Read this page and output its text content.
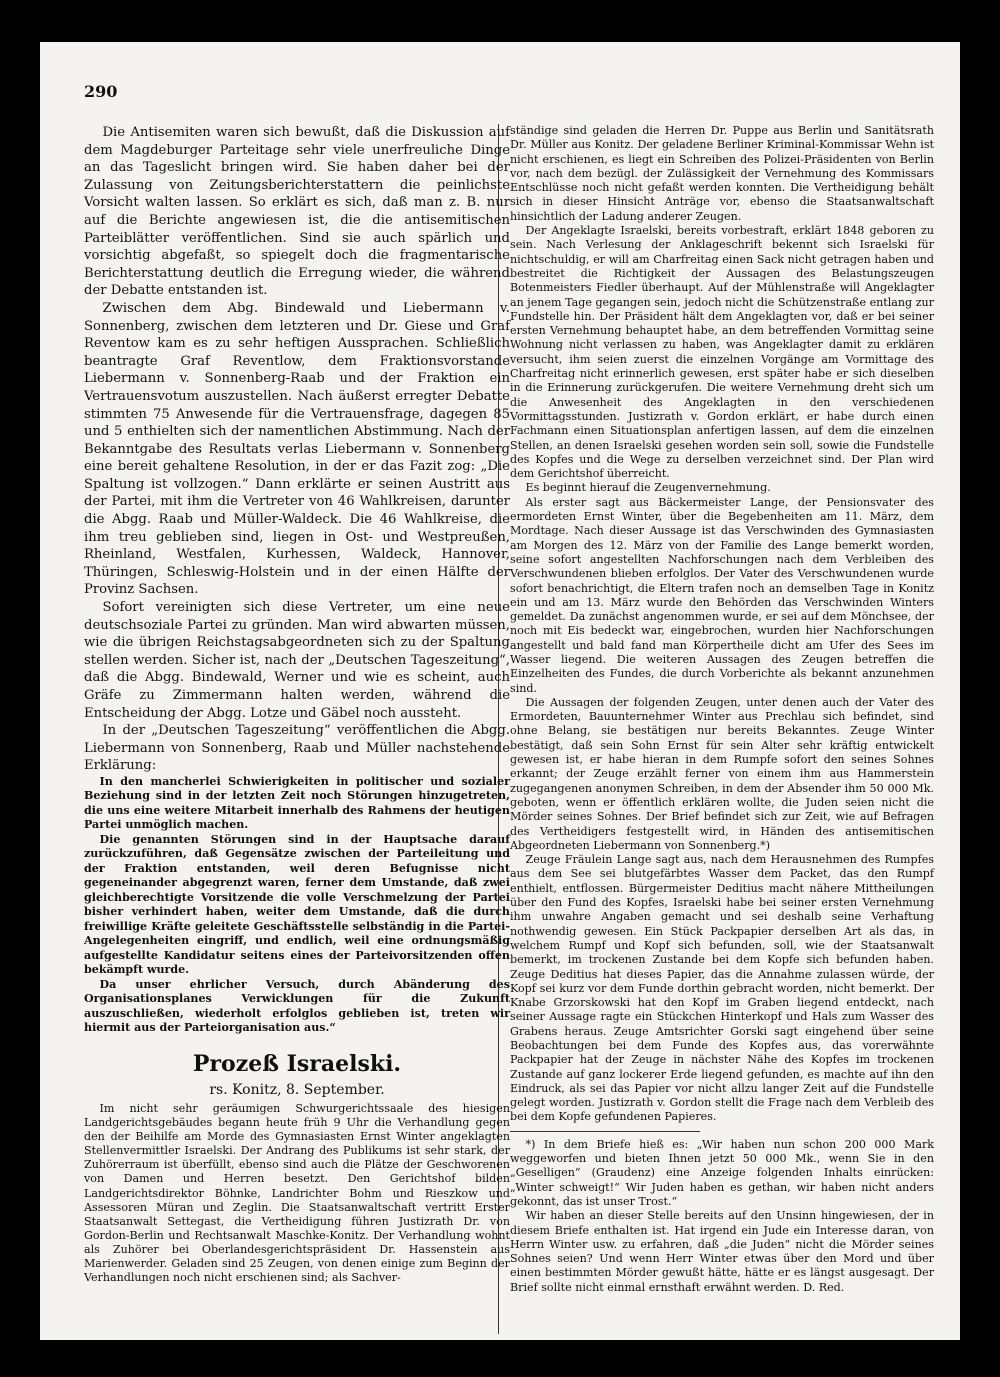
290

Die Antisemiten waren sich bewußt, daß die Diskussion auf dem Magdeburger Parteitage sehr viele unerfreuliche Dinge an das Tageslicht bringen wird. Sie haben daher bei der Zulassung von Zeitungsberichterstattern die peinlichste Vorsicht walten lassen. So erklärt es sich, daß man z. B. nur auf die Berichte angewiesen ist, die die antisemitischen Parteiblätter veröffentlichen. Sind sie auch spärlich und vorsichtig abgefaßt, so spiegelt doch die fragmentarische Berichterstattung deutlich die Erregung wieder, die während der Debatte entstanden ist.

Zwischen dem Abg. Bindewald und Liebermann v. Sonnenberg, zwischen dem letzteren und Dr. Giese und Graf Reventow kam es zu sehr heftigen Aussprachen. Schließlich beantragte Graf Reventlow, dem Fraktionsvorstande Liebermann v. Sonnenberg-Raab und der Fraktion ein Vertrauensvotum auszustellen. Nach äußerst erregter Debatte stimmten 75 Anwesende für die Vertrauensfrage, dagegen 85 und 5 enthielten sich der namentlichen Abstimmung. Nach der Bekanntgabe des Resultats verlas Liebermann v. Sonnenberg eine bereit gehaltene Resolution, in der er das Fazit zog: „Die Spaltung ist vollzogen.“ Dann erklärte er seinen Austritt aus der Partei, mit ihm die Vertreter von 46 Wahlkreisen, darunter die Abgg. Raab und Müller-Waldeck. Die 46 Wahlkreise, die ihm treu geblieben sind, liegen in Ost- und Westpreußen, Rheinland, Westfalen, Kurhessen, Waldeck, Hannover, Thüringen, Schleswig-Holstein und in der einen Hälfte der Provinz Sachsen.

Sofort vereinigten sich diese Vertreter, um eine neue deutschsoziale Partei zu gründen. Man wird abwarten müssen, wie die übrigen Reichstagsabgeordneten sich zu der Spaltung stellen werden. Sicher ist, nach der „Deutschen Tageszeitung“, daß die Abgg. Bindewald, Werner und wie es scheint, auch Gräfe zu Zimmermann halten werden, während die Entscheidung der Abgg. Lotze und Gäbel noch aussteht.

In der „Deutschen Tageszeitung“ veröffentlichen die Abgg. Liebermann von Sonnenberg, Raab und Müller nachstehende Erklärung:

In den mancherlei Schwierigkeiten in politischer und sozialer Beziehung sind in der letzten Zeit noch Störungen hinzugetreten, die uns eine weitere Mitarbeit innerhalb des Rahmens der heutigen Partei unmöglich machen.

Die genannten Störungen sind in der Hauptsache darauf zurückzuführen, daß Gegensätze zwischen der Parteileitung und der Fraktion entstanden, weil deren Befugnisse nicht gegeneinander abgegrenzt waren, ferner dem Umstande, daß zwei gleichberechtigte Vorsitzende die volle Verschmelzung der Partei bisher verhindert haben, weiter dem Umstande, daß die durch freiwillige Kräfte geleitete Geschäftsstelle selbständig in die Partei-Angelegenheiten eingriff, und endlich, weil eine ordnungsmäßig aufgestellte Kandidatur seitens eines der Parteivorsitzenden offen bekämpft wurde.

Da unser ehrlicher Versuch, durch Abänderung des Organisationsplanes Verwicklungen für die Zukunft auszuschließen, wiederholt erfolglos geblieben ist, treten wir hiermit aus der Parteiorganisation aus.“

Prozeß Israelski.
rs. Konitz, 8. September.

Im nicht sehr geräumigen Schwurgerichtssaale des hiesigen Landgerichtsgebäudes begann heute früh 9 Uhr die Verhandlung gegen den der Beihilfe am Morde des Gymnasiasten Ernst Winter angeklagten Stellenvermittler Israelski. Der Andrang des Publikums ist sehr stark, der Zuhörerraum ist überfüllt, ebenso sind auch die Plätze der Geschworenen von Damen und Herren besetzt. Den Gerichtshof bilden Landgerichtsdirektor Böhnke, Landrichter Bohm und Rieszkow und Assessoren Müran und Zeglin. Die Staatsanwaltschaft vertritt Erster Staatsanwalt Settegast, die Vertheidigung führen Justizrath Dr. von Gordon-Berlin und Rechtsanwalt Maschke-Konitz. Der Verhandlung wohnt als Zuhörer bei Oberlandesgerichtspräsident Dr. Hassenstein aus Marienwerder. Geladen sind 25 Zeugen, von denen einige zum Beginn der Verhandlungen noch nicht erschienen sind; als Sachver-

ständige sind geladen die Herren Dr. Puppe aus Berlin und Sanitätsrath Dr. Müller aus Konitz. Der geladene Berliner Kriminal-Kommissar Wehn ist nicht erschienen, es liegt ein Schreiben des Polizei-Präsidenten von Berlin vor, nach dem bezügl. der Zulässigkeit der Vernehmung des Kommissars Entschlüsse noch nicht gefaßt werden konnten. Die Vertheidigung behält sich in dieser Hinsicht Anträge vor, ebenso die Staatsanwaltschaft hinsichtlich der Ladung anderer Zeugen.

Der Angeklagte Israelski, bereits vorbestraft, erklärt 1848 geboren zu sein. Nach Verlesung der Anklageschrift bekennt sich Israelski für nichtschuldig, er will am Charfreitag einen Sack nicht getragen haben und bestreitet die Richtigkeit der Aussagen des Belastungszeugen Botenmeisters Fiedler überhaupt. Auf der Mühlenstraße will Angeklagter an jenem Tage gegangen sein, jedoch nicht die Schützenstraße entlang zur Fundstelle hin. Der Präsident hält dem Angeklagten vor, daß er bei seiner ersten Vernehmung behauptet habe, an dem betreffenden Vormittag seine Wohnung nicht verlassen zu haben, was Angeklagter damit zu erklären versucht, ihm seien zuerst die einzelnen Vorgänge am Vormittage des Charfreitag nicht erinnerlich gewesen, erst später habe er sich dieselben in die Erinnerung zurückgerufen. Die weitere Vernehmung dreht sich um die Anwesenheit des Angeklagten in den verschiedenen Vormittagsstunden. Justizrath v. Gordon erklärt, er habe durch einen Fachmann einen Situationsplan anfertigen lassen, auf dem die einzelnen Stellen, an denen Israelski gesehen worden sein soll, sowie die Fundstelle des Kopfes und die Wege zu derselben verzeichnet sind. Der Plan wird dem Gerichtshof überreicht.

Es beginnt hierauf die Zeugenvernehmung.

Als erster sagt aus Bäckermeister Lange, der Pensionsvater des ermordeten Ernst Winter, über die Begebenheiten am 11. März, dem Mordtage. Nach dieser Aussage ist das Verschwinden des Gymnasiasten am Morgen des 12. März von der Familie des Lange bemerkt worden, seine sofort angestellten Nachforschungen nach dem Verbleiben des Verschwundenen blieben erfolglos. Der Vater des Verschwundenen wurde sofort benachrichtigt, die Eltern trafen noch an demselben Tage in Konitz ein und am 13. März wurde den Behörden das Verschwinden Winters gemeldet. Da zunächst angenommen wurde, er sei auf dem Mönchsee, der noch mit Eis bedeckt war, eingebrochen, wurden hier Nachforschungen angestellt und bald fand man Körpertheile dicht am Ufer des Sees im Wasser liegend. Die weiteren Aussagen des Zeugen betreffen die Einzelheiten des Fundes, die durch Vorberichte als bekannt anzunehmen sind.

Die Aussagen der folgenden Zeugen, unter denen auch der Vater des Ermordeten, Bauunternehmer Winter aus Prechlau sich befindet, sind ohne Belang, sie bestätigen nur bereits Bekanntes. Zeuge Winter bestätigt, daß sein Sohn Ernst für sein Alter sehr kräftig entwickelt gewesen ist, er habe hieran in dem Rumpfe sofort den seines Sohnes erkannt; der Zeuge erzählt ferner von einem ihm aus Hammerstein zugegangenen anonymen Schreiben, in dem der Absender ihm 50 000 Mk. geboten, wenn er öffentlich erklären wollte, die Juden seien nicht die Mörder seines Sohnes. Der Brief befindet sich zur Zeit, wie auf Befragen des Vertheidigers festgestellt wird, in Händen des antisemitischen Abgeordneten Liebermann von Sonnenberg.*)

Zeuge Fräulein Lange sagt aus, nach dem Herausnehmen des Rumpfes aus dem See sei blutgefärbtes Wasser dem Packet, das den Rumpf enthielt, entflossen. Bürgermeister Deditius macht nähere Mittheilungen über den Fund des Kopfes, Israelski habe bei seiner ersten Vernehmung ihm unwahre Angaben gemacht und sei deshalb seine Verhaftung nothwendig gewesen. Ein Stück Packpapier derselben Art als das, in welchem Rumpf und Kopf sich befunden, soll, wie der Staatsanwalt bemerkt, im trockenen Zustande bei dem Kopfe sich befunden haben. Zeuge Deditius hat dieses Papier, das die Annahme zulassen würde, der Kopf sei kurz vor dem Funde dorthin gebracht worden, nicht bemerkt. Der Knabe Grzorskowski hat den Kopf im Graben liegend entdeckt, nach seiner Aussage ragte ein Stückchen Hinterkopf und Hals zum Wasser des Grabens heraus. Zeuge Amtsrichter Gorski sagt eingehend über seine Beobachtungen bei dem Funde des Kopfes aus, das vorerwähnte Packpapier hat der Zeuge in nächster Nähe des Kopfes im trockenen Zustande auf ganz lockerer Erde liegend gefunden, es machte auf ihn den Eindruck, als sei das Papier vor nicht allzu langer Zeit auf die Fundstelle gelegt worden. Justizrath v. Gordon stellt die Frage nach dem Verbleib des bei dem Kopfe gefundenen Papieres.

*) In dem Briefe hieß es: „Wir haben nun schon 200 000 Mark weggeworfen und bieten Ihnen jetzt 50 000 Mk., wenn Sie in den „Geselligen“ (Graudenz) eine Anzeige folgenden Inhalts einrücken: „Winter schweigt!“ Wir Juden haben es gethan, wir haben nicht anders gekonnt, das ist unser Trost.“

Wir haben an dieser Stelle bereits auf den Unsinn hingewiesen, der in diesem Briefe enthalten ist. Hat irgend ein Jude ein Interesse daran, von Herrn Winter usw. zu erfahren, daß „die Juden“ nicht die Mörder seines Sohnes seien? Und wenn Herr Winter etwas über den Mord und über einen bestimmten Mörder gewußt hätte, hätte er es längst ausgesagt. Der Brief sollte nicht einmal ernsthaft erwähnt werden. D. Red.
